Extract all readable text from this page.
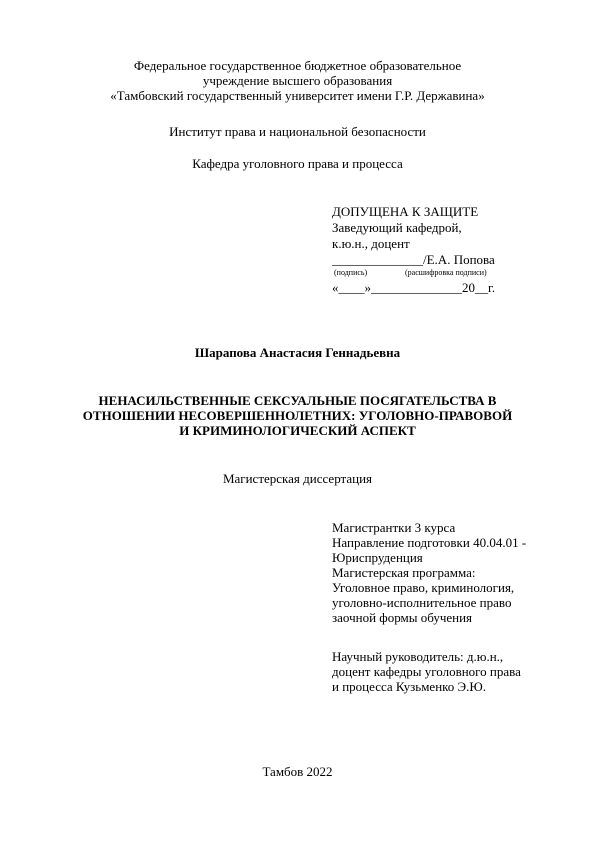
Федеральное государственное бюджетное образовательное
учреждение высшего образования
«Тамбовский государственный университет имени Г.Р. Державина»
Институт права и национальной безопасности
Кафедра уголовного права и процесса
ДОПУЩЕНА К ЗАЩИТЕ
Заведующий кафедрой,
к.ю.н., доцент
______________/Е.А. Попова
(подпись)	(расшифровка подписи)
«____»______________20__г.
Шарапова Анастасия Геннадьевна
НЕНАСИЛЬСТВЕННЫЕ СЕКСУАЛЬНЫЕ ПОСЯГАТЕЛЬСТВА В
ОТНОШЕНИИ НЕСОВЕРШЕННОЛЕТНИХ: УГОЛОВНО-ПРАВОВОЙ
И КРИМИНОЛОГИЧЕСКИЙ АСПЕКТ
Магистерская диссертация
Магистрантки 3 курса
Направление подготовки 40.04.01 -
Юриспруденция
Магистерская программа:
Уголовное право, криминология,
уголовно-исполнительное право
заочной формы обучения
Научный руководитель: д.ю.н.,
доцент кафедры уголовного права
и процесса Кузьменко Э.Ю.
Тамбов 2022
